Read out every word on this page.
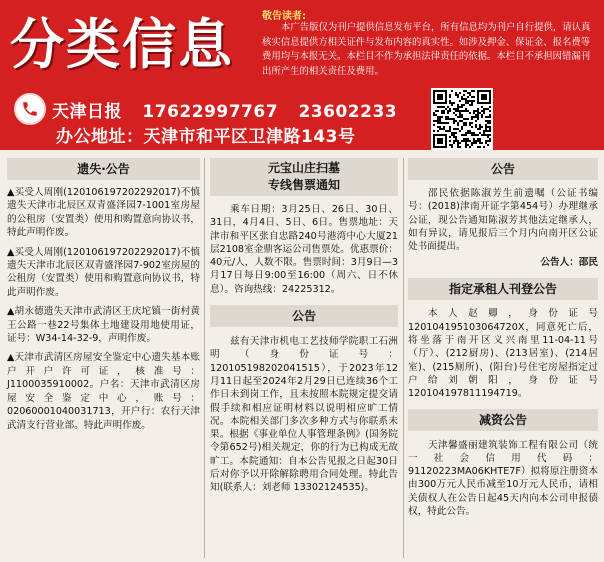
分类信息	敬告读者:
本广告版仅为刊户提供信息发布平台，所有信息均为刊户自行提供，请认真核实信息提供方相关证件与发布内容的真实性。如涉及押金、保证金、报名费等费用均与本报无关。本栏目不作为承担法律责任的依据。本栏目不承担因错漏刊出所产生的相关责任及费用。
天津日报 17622997767 23602233
办公地址：天津市和平区卫津路143号
遗失·公告
▲买受人周刚(120106197202292017)不慎遗失天津市北辰区双青盛泽园7-1001室房屋的公租房（安置类）使用和购置意向协议书，特此声明作废。
▲买受人周刚(120106197202292017)不慎遗失天津市北辰区双青盛泽园7-902室房屋的公租房（安置类）使用和购置意向协议书，特此声明作废。
▲胡永德遗失天津市武清区王庆坨镇一街村黄王公路一巷22号集体土地建设用地使用证，证号：W34-14-32-9，声明作废。
▲天津市武清区房屋安全鉴定中心遗失基本账户开户许可证，核准号：J1100035910002。户名：天津市武清区房屋安全鉴定中心，账号：02060001040031713，开户行：农行天津武清支行营业部。特此声明作废。
元宝山庄扫墓
专线售票通知

乘车日期：3月25日、26日、30日、31日，4月4日、5日、6日。售票地址：天津市和平区张自忠路240号港湾中心大厦21层2108室金鼎客运公司售票处。优惠票价：40元/人，人数不限。售票时间：3月9日—3月17日每日9:00至16:00（周六、日不休息）。咨询热线：24225312。

公告

兹有天津市机电工艺技师学院职工石洲明（身份证号：120105198202041515），于2023年12月11日起至2024年2月29日已连续36个工作日未到岗工作，且未按照本院规定提交请假手续和相应证明材料以说明相应旷工情况。本院相关部门多次多种方式与你联系未果。根据《事业单位人事管理条例》(国务院令第652号)相关规定，你的行为已构成无故旷工。本院通知：自本公告见报之日起30日后对你予以开除解除聘用合同处理。特此告知(联系人：刘老师 13302124535)。

公告

邵民依据陈淑芳生前遗嘱（公证书编号：(2018)津南开证字第454号）办理继承公证，现公告通知陈淑芳其他法定继承人，如有异议，请见报后三个月内向南开区公证处书面提出。

公告人：邵民
指定承租人刊登公告

本人赵卿，身份证号120104195103064720X，同意死亡后，将坐落于南开区义兴南里11-04-11号（厅）、(212厨房)、(213居室)、(214居室)、(215厕所)、(阳台)号住宅房屋指定过户给刘朝阳，身份证号120104197811194719。

减资公告

天津馨盛丽建筑装饰工程有限公司（统一社会信用代码：91120223MA06KHTE7F）拟将原注册资本由300万元人民币减至10万元人民币，请相关债权人在公告日起45天内向本公司申报债权，特此公告。
